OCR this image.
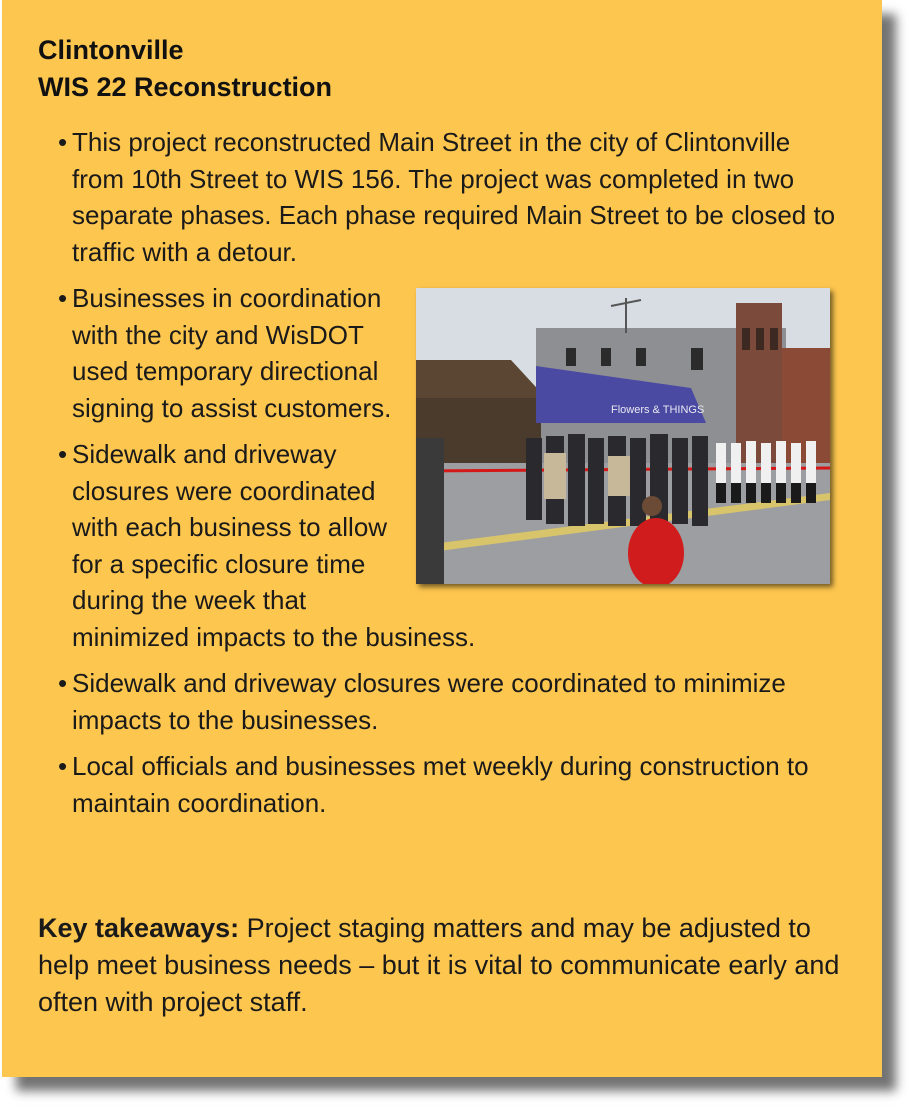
Clintonville
WIS 22 Reconstruction
• This project reconstructed Main Street in the city of Clintonville from 10th Street to WIS 156. The project was completed in two separate phases. Each phase required Main Street to be closed to traffic with a detour.
• Flowers & THINGS
Businesses in coordination with the city and WisDOT used temporary directional signing to assist customers.
• Sidewalk and driveway closures were coordinated with each business to allow for a specific closure time during the week that minimized impacts to the business.
• Sidewalk and driveway closures were coordinated to minimize impacts to the businesses.
• Local officials and businesses met weekly during construction to maintain coordination.

Key takeaways: Project staging matters and may be adjusted to help meet business needs – but it is vital to communicate early and often with project staff.
